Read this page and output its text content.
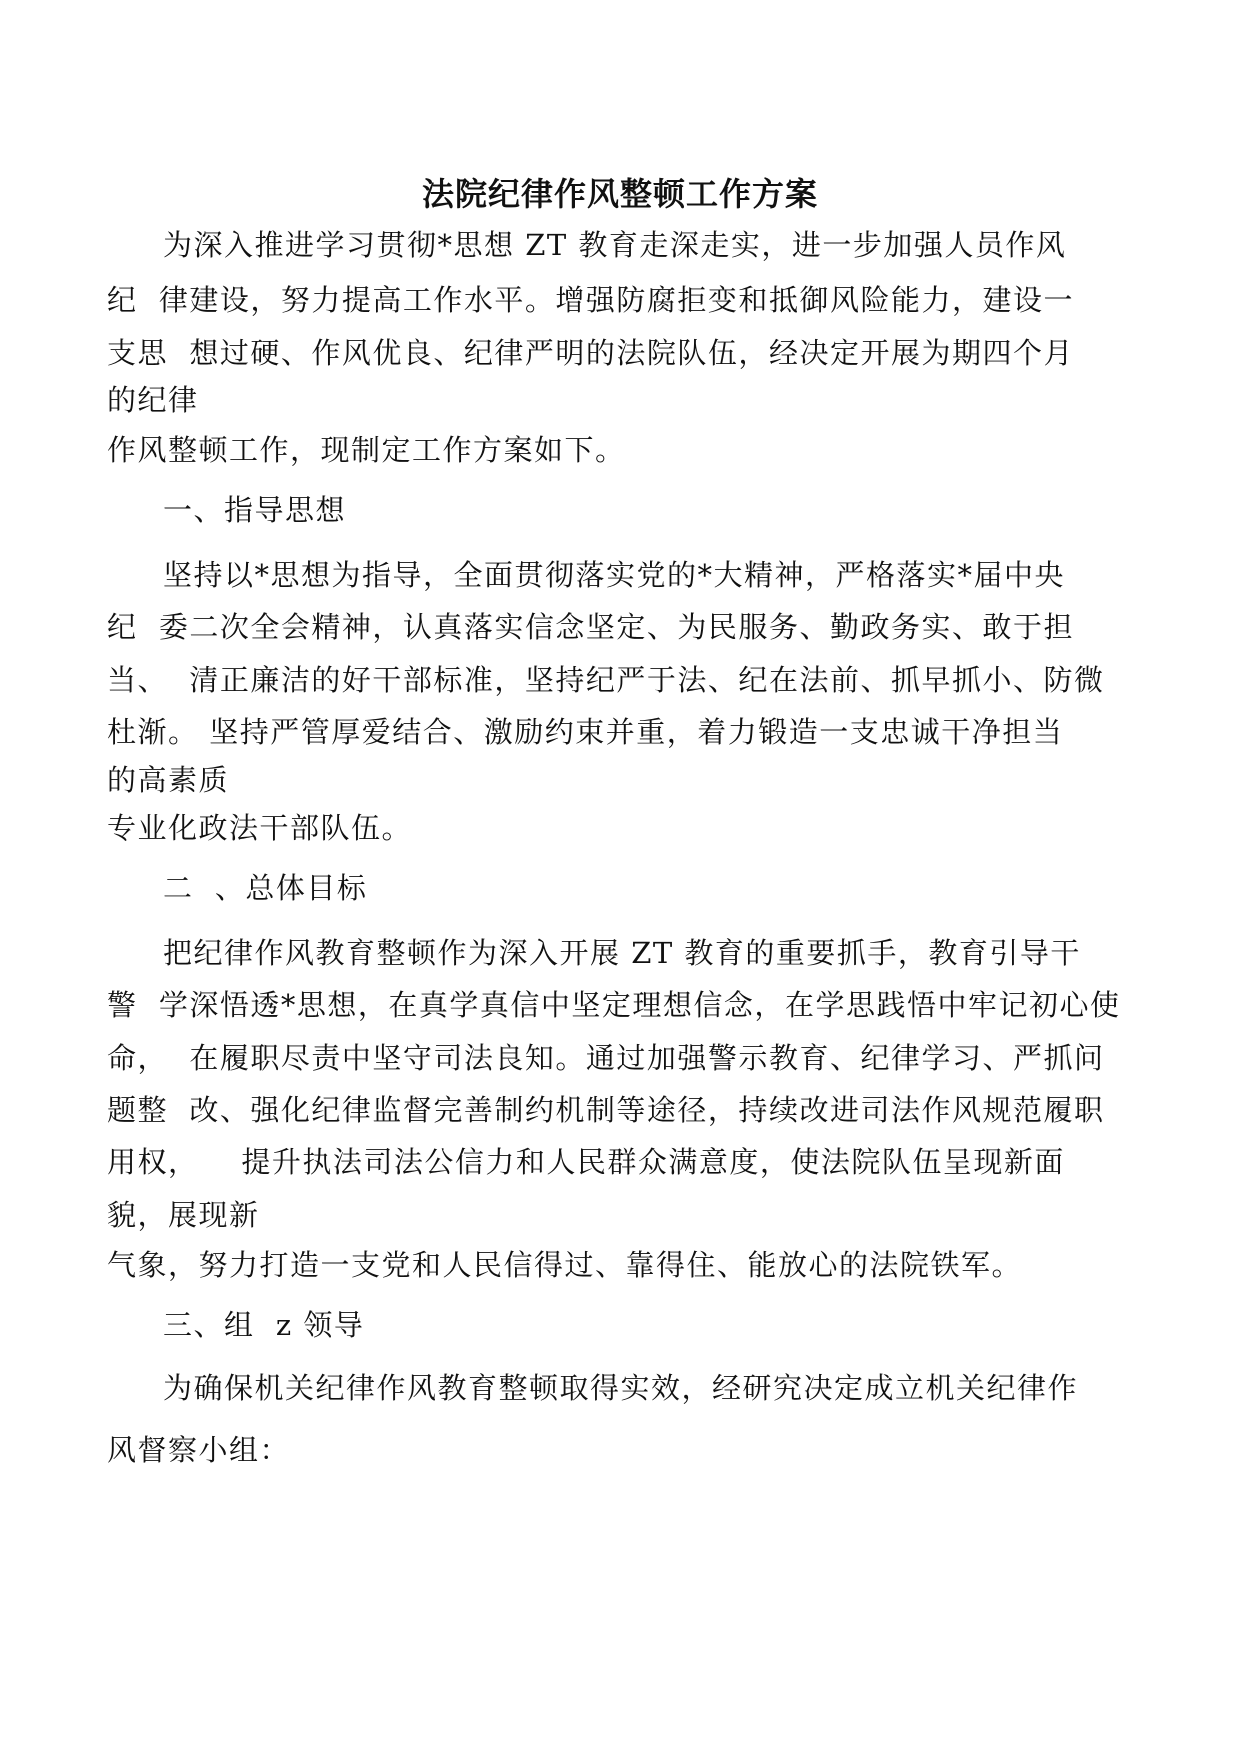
法院纪律作风整顿工作方案
为深入推进学习贯彻*思想 ZT 教育走深走实，进一步加强人员作风
纪  律建设，努力提高工作水平。增强防腐拒变和抵御风险能力，建设一
支思  想过硬、作风优良、纪律严明的法院队伍，经决定开展为期四个月
的纪律
作风整顿工作，现制定工作方案如下。
一、指导思想
坚持以*思想为指导，全面贯彻落实党的*大精神，严格落实*届中央
纪  委二次全会精神，认真落实信念坚定、为民服务、勤政务实、敢于担
当、  清正廉洁的好干部标准，坚持纪严于法、纪在法前、抓早抓小、防微
杜渐。 坚持严管厚爱结合、激励约束并重，着力锻造一支忠诚干净担当
的高素质
专业化政法干部队伍。
二  、总体目标
把纪律作风教育整顿作为深入开展 ZT 教育的重要抓手，教育引导干
警  学深悟透*思想，在真学真信中坚定理想信念，在学思践悟中牢记初心使
命，  在履职尽责中坚守司法良知。通过加强警示教育、纪律学习、严抓问
题整  改、强化纪律监督完善制约机制等途径，持续改进司法作风规范履职
用权，    提升执法司法公信力和人民群众满意度，使法院队伍呈现新面
貌，展现新
气象，努力打造一支党和人民信得过、靠得住、能放心的法院铁军。
三、组  z 领导
为确保机关纪律作风教育整顿取得实效，经研究决定成立机关纪律作
风督察小组：
